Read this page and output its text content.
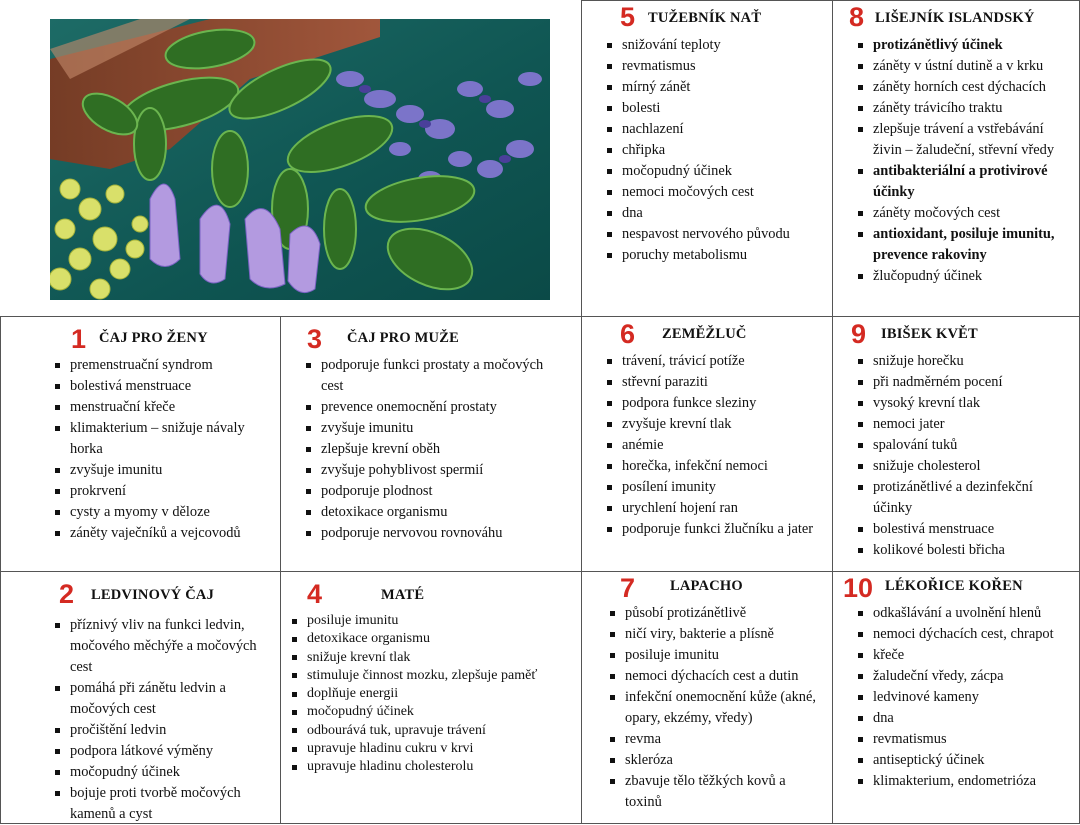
5 TUŽEBNÍK NAŤ
snižování teploty
revmatismus
mírný zánět
bolesti
nachlazení
chřipka
močopudný účinek
nemoci močových cest
dna
nespavost nervového původu
poruchy metabolismu
8 LIŠEJNÍK ISLANDSKÝ
protizánětlivý účinek
záněty v ústní dutině a v krku
záněty horních cest dýchacích
záněty trávicího traktu
zlepšuje trávení a vstřebávání živin – žaludeční, střevní vředy
antibakteriální a protivirové účinky
záněty močových cest
antioxidant, posiluje imunitu, prevence rakoviny
žlučopudný účinek
1 ČAJ PRO ŽENY
premenstruační syndrom
bolestivá menstruace
menstruační křeče
klimakterium – snižuje návaly horka
zvyšuje imunitu
prokrvení
cysty a myomy v děloze
záněty vaječníků a vejcovodů
3 ČAJ PRO MUŽE
podporuje funkci prostaty a močových cest
prevence onemocnění prostaty
zvyšuje imunitu
zlepšuje krevní oběh
zvyšuje pohyblivost spermií
podporuje plodnost
detoxikace organismu
podporuje nervovou rovnováhu
6 ZEMĚŽLUČ
trávení, trávicí potíže
střevní paraziti
podpora funkce sleziny
zvyšuje krevní tlak
anémie
horečka, infekční nemoci
posílení imunity
urychlení hojení ran
podporuje funkci žlučníku a jater
9 IBIŠEK KVĚT
snižuje horečku
při nadměrném pocení
vysoký krevní tlak
nemoci jater
spalování tuků
snižuje cholesterol
protizánětlivé a dezinfekční účinky
bolestivá menstruace
kolikové bolesti břicha
2 LEDVINOVÝ ČAJ
příznivý vliv na funkci ledvin, močového měchýře a močových cest
pomáhá při zánětu ledvin a močových cest
pročištění ledvin
podpora látkové výměny
močopudný účinek
bojuje proti tvorbě močových kamenů a cyst
4	MATÉ
posiluje imunitu
detoxikace organismu
snižuje krevní tlak
stimuluje činnost mozku, zlepšuje paměť
doplňuje energii
močopudný účinek
odbourává tuk, upravuje trávení
upravuje hladinu cukru v krvi
upravuje hladinu cholesterolu
7 LAPACHO
působí protizánětlivě
ničí viry, bakterie a plísně
posiluje imunitu
nemoci dýchacích cest a dutin
infekční onemocnění kůže (akné, opary, ekzémy, vředy)
revma
skleróza
zbavuje tělo těžkých kovů a toxinů
10 LÉKOŘICE KOŘEN
odkašlávání a uvolnění hlenů
nemoci dýchacích cest, chrapot
křeče
žaludeční vředy, zácpa
ledvinové kameny
dna
revmatismus
antiseptický účinek
klimakterium, endometrióza
